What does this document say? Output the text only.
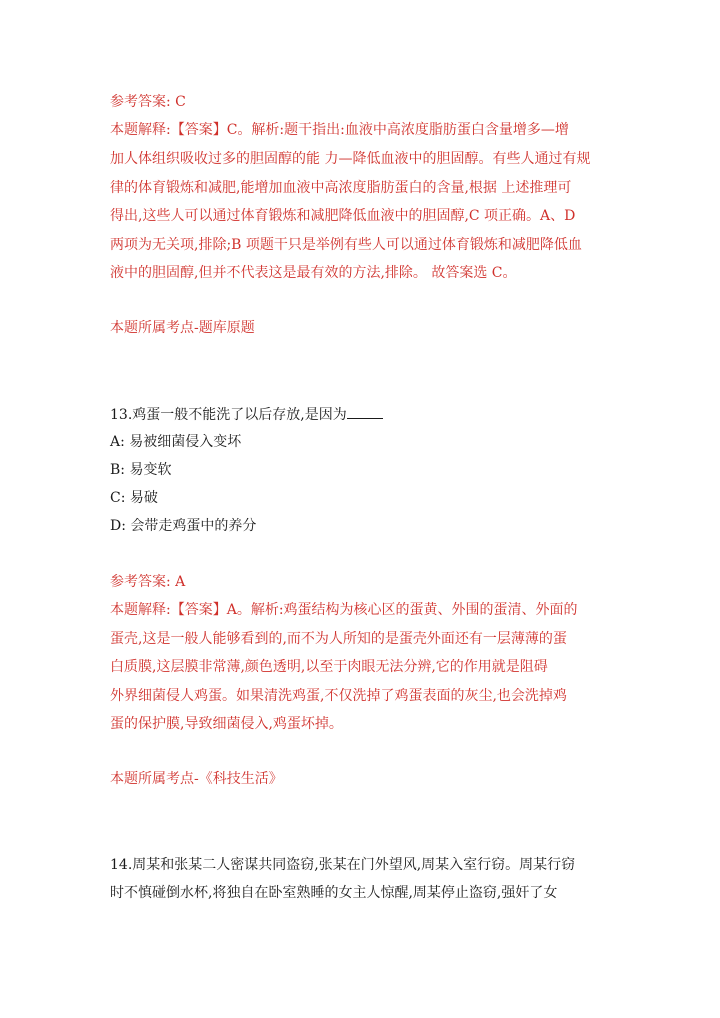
参考答案: C
本题解释:【答案】C。解析:题干指出:血液中高浓度脂肪蛋白含量增多—增
加人体组织吸收过多的胆固醇的能 力—降低血液中的胆固醇。有些人通过有规
律的体育锻炼和减肥,能增加血液中高浓度脂肪蛋白的含量,根据 上述推理可
得出,这些人可以通过体育锻炼和减肥降低血液中的胆固醇,C 项正确。A、D
两项为无关项,排除;B 项题干只是举例有些人可以通过体育锻炼和减肥降低血
液中的胆固醇,但并不代表这是最有效的方法,排除。 故答案选 C。
本题所属考点-题库原题
13.鸡蛋一般不能洗了以后存放,是因为
A: 易被细菌侵入变坏
B: 易变软
C: 易破
D: 会带走鸡蛋中的养分
参考答案: A
本题解释:【答案】A。解析:鸡蛋结构为核心区的蛋黄、外围的蛋清、外面的
蛋壳,这是一般人能够看到的,而不为人所知的是蛋壳外面还有一层薄薄的蛋
白质膜,这层膜非常薄,颜色透明,以至于肉眼无法分辨,它的作用就是阻碍
外界细菌侵人鸡蛋。如果清洗鸡蛋,不仅洗掉了鸡蛋表面的灰尘,也会洗掉鸡
蛋的保护膜,导致细菌侵入,鸡蛋坏掉。
本题所属考点-《科技生活》
14.周某和张某二人密谋共同盗窃,张某在门外望风,周某入室行窃。周某行窃
时不慎碰倒水杯,将独自在卧室熟睡的女主人惊醒,周某停止盗窃,强奸了女
